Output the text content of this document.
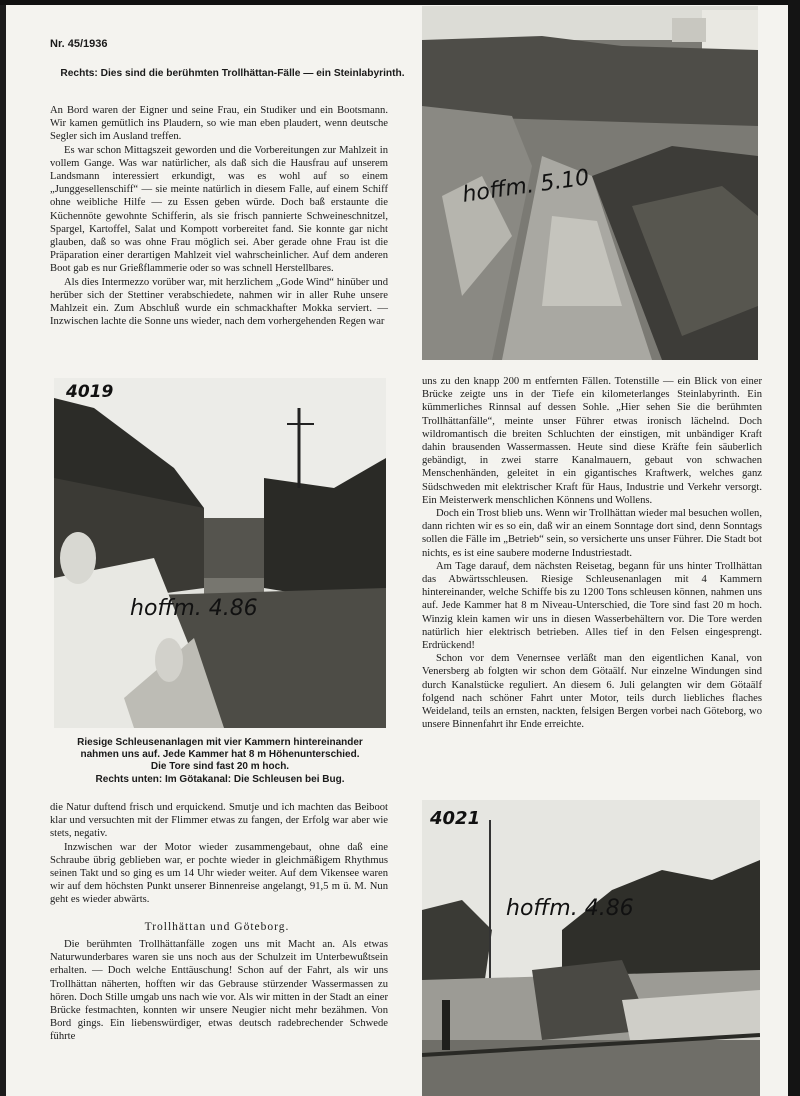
Nr. 45/1936
Rechts: Dies sind die berühmten Trollhättan-Fälle — ein Steinlabyrinth.

An Bord waren der Eigner und seine Frau, ein Studiker und ein Bootsmann. Wir kamen gemütlich ins Plaudern, so wie man eben plaudert, wenn deutsche Segler sich im Ausland treffen.

Es war schon Mittagszeit geworden und die Vorbereitungen zur Mahlzeit in vollem Gange. Was war natürlicher, als daß sich die Hausfrau auf unserem Landsmann interessiert erkundigt, was es wohl auf so einem „Junggesellenschiff“ — sie meinte natürlich in diesem Falle, auf einem Schiff ohne weibliche Hilfe — zu Essen geben würde. Doch baß erstaunte die Küchennöte gewohnte Schifferin, als sie frisch pannierte Schweineschnitzel, Spargel, Kartoffel, Salat und Kompott vorbereitet fand. Sie konnte gar nicht glauben, daß so was ohne Frau möglich sei. Aber gerade ohne Frau ist die Präparation einer derartigen Mahlzeit viel wahrscheinlicher. Auf dem anderen Boot gab es nur Grießflammerie oder so was schnell Herstellbares.

Als dies Intermezzo vorüber war, mit herzlichem „Gode Wind“ hinüber und herüber sich der Stettiner verabschiedete, nahmen wir in aller Ruhe unsere Mahlzeit ein. Zum Abschluß wurde ein schmackhafter Mokka serviert. — Inzwischen lachte die Sonne uns wieder, nach dem vorhergehenden Regen war

hoffm. 5.10
4019
hoffm. 4.86
Riesige Schleusenanlagen mit vier Kammern hintereinander
nahmen uns auf. Jede Kammer hat 8 m Höhenunterschied.
Die Tore sind fast 20 m hoch.
Rechts unten: Im Götakanal: Die Schleusen bei Bug.

die Natur duftend frisch und erquickend. Smutje und ich machten das Beiboot klar und versuchten mit der Flimmer etwas zu fangen, der Erfolg war aber wie stets, negativ.

Inzwischen war der Motor wieder zusammengebaut, ohne daß eine Schraube übrig geblieben war, er pochte wieder in gleichmäßigem Rhythmus seinen Takt und so ging es um 14 Uhr wieder weiter. Auf dem Vikensee waren wir auf dem höchsten Punkt unserer Binnenreise angelangt, 91,5 m ü. M. Nun geht es wieder abwärts.

Trollhättan und Göteborg.

Die berühmten Trollhättanfälle zogen uns mit Macht an. Als etwas Naturwunderbares waren sie uns noch aus der Schulzeit im Unterbewußtsein erhalten. — Doch welche Enttäuschung! Schon auf der Fahrt, als wir uns Trollhättan näherten, hofften wir das Gebrause stürzender Wassermassen zu hören. Doch Stille umgab uns nach wie vor. Als wir mitten in der Stadt an einer Brücke festmachten, konnten wir unsere Neugier nicht mehr bezähmen. Von Bord gings. Ein liebenswürdiger, etwas deutsch radebrechender Schwede führte

uns zu den knapp 200 m entfernten Fällen. Totenstille — ein Blick von einer Brücke zeigte uns in der Tiefe ein kilometerlanges Steinlabyrinth. Ein kümmerliches Rinnsal auf dessen Sohle. „Hier sehen Sie die berühmten Trollhättanfälle“, meinte unser Führer etwas ironisch lächelnd. Doch wildromantisch die breiten Schluchten der einstigen, mit unbändiger Kraft dahin brausenden Wassermassen. Heute sind diese Kräfte fein säuberlich gebändigt, in zwei starre Kanalmauern, gebaut von schwachen Menschenhänden, geleitet in ein gigantisches Kraftwerk, welches ganz Südschweden mit elektrischer Kraft für Haus, Industrie und Verkehr versorgt. Ein Meisterwerk menschlichen Könnens und Wollens.

Doch ein Trost blieb uns. Wenn wir Trollhättan wieder mal besuchen wollen, dann richten wir es so ein, daß wir an einem Sonntage dort sind, denn Sonntags sollen die Fälle im „Betrieb“ sein, so versicherte uns unser Führer. Die Stadt bot nichts, es ist eine saubere moderne Industriestadt.

Am Tage darauf, dem nächsten Reisetag, begann für uns hinter Trollhättan das Abwärtsschleusen. Riesige Schleusenanlagen mit 4 Kammern hintereinander, welche Schiffe bis zu 1200 Tons schleusen können, nahmen uns auf. Jede Kammer hat 8 m Niveau-Unterschied, die Tore sind fast 20 m hoch. Winzig klein kamen wir uns in diesen Wasserbehältern vor. Die Tore werden natürlich hier elektrisch betrieben. Alles tief in den Felsen eingesprengt. Erdrückend!

Schon vor dem Venernsee verläßt man den eigentlichen Kanal, von Venersberg ab folgten wir schon dem Götaälf. Nur einzelne Windungen sind durch Kanalstücke reguliert. An diesem 6. Juli gelangten wir dem Götaälf folgend nach schöner Fahrt unter Motor, teils durch liebliches flaches Weideland, teils an ernsten, nackten, felsigen Bergen vorbei nach Göteborg, wo unsere Binnenfahrt ihr Ende erreichte.

4021
hoffm. 4.86
